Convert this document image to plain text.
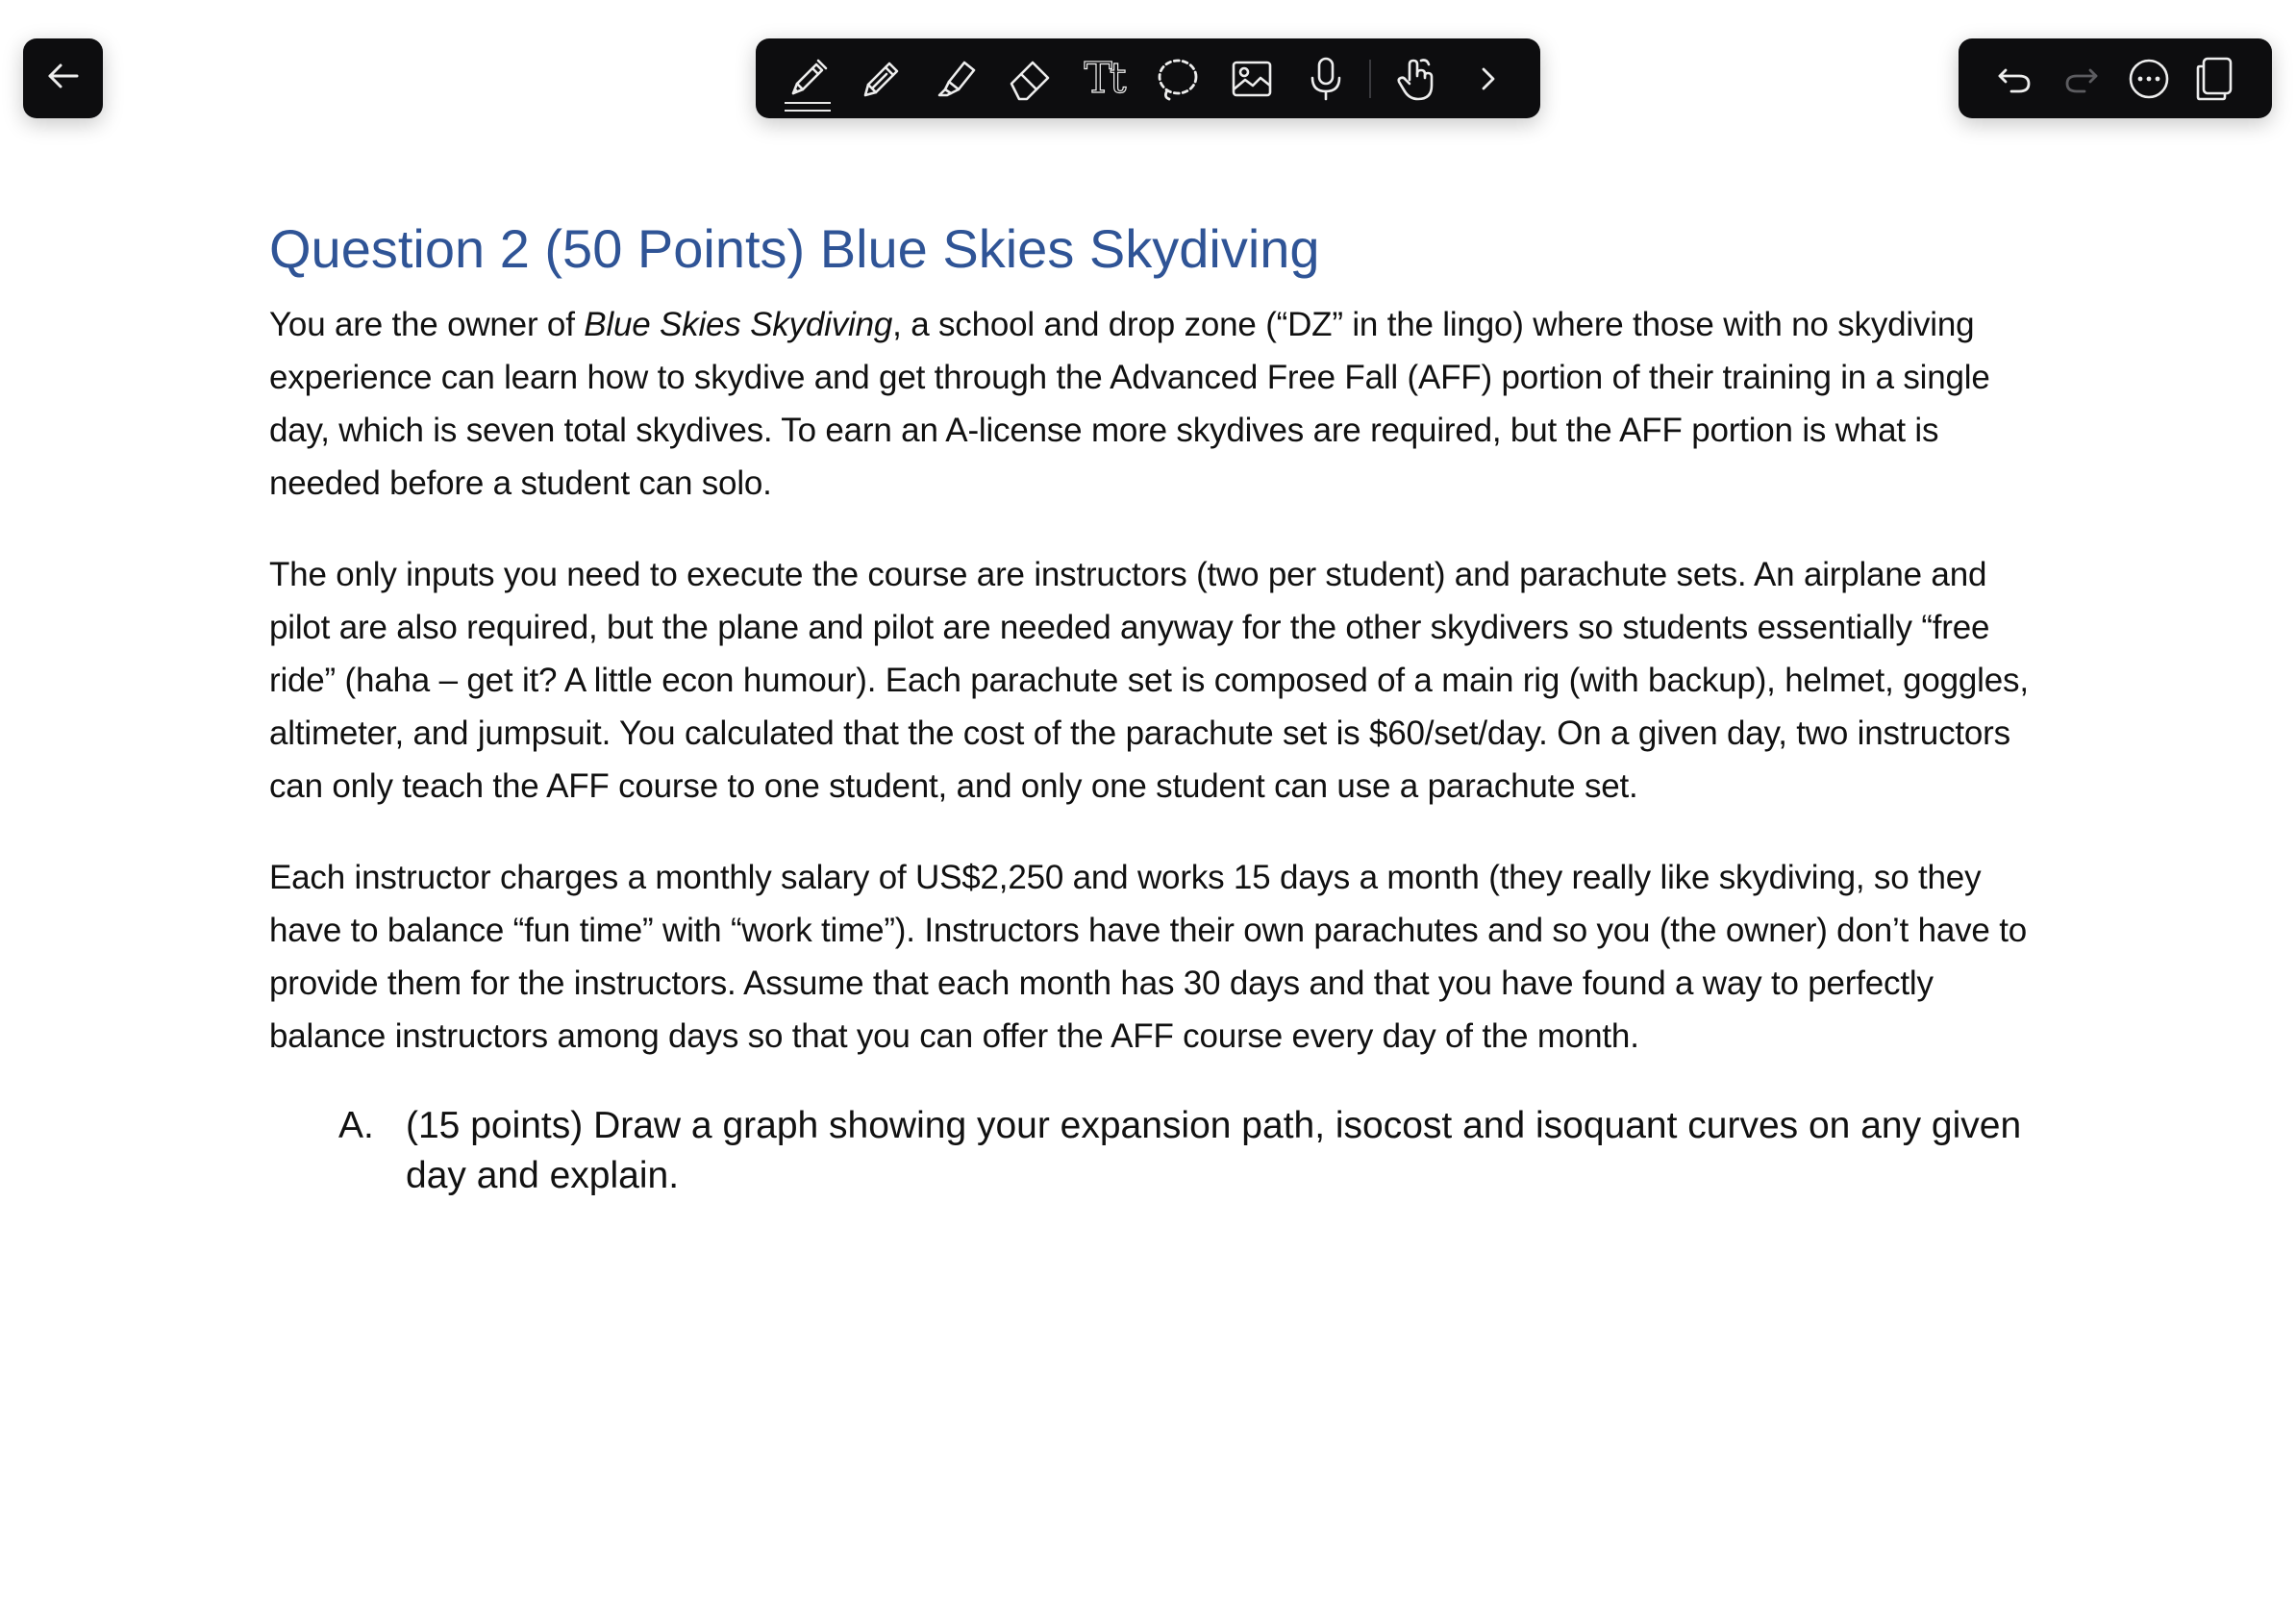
Tt
Question 2 (50 Points) Blue Skies Skydiving

You are the owner of Blue Skies Skydiving, a school and drop zone (“DZ” in the lingo) where those with no skydiving experience can learn how to skydive and get through the Advanced Free Fall (AFF) portion of their training in a single day, which is seven total skydives. To earn an A-license more skydives are required, but the AFF portion is what is needed before a student can solo.

The only inputs you need to execute the course are instructors (two per student) and parachute sets. An airplane and pilot are also required, but the plane and pilot are needed anyway for the other skydivers so students essentially “free ride” (haha – get it? A little econ humour). Each parachute set is composed of a main rig (with backup), helmet, goggles, altimeter, and jumpsuit. You calculated that the cost of the parachute set is $60/set/day. On a given day, two instructors can only teach the AFF course to one student, and only one student can use a parachute set.

Each instructor charges a monthly salary of US$2,250 and works 15 days a month (they really like skydiving, so they have to balance “fun time” with “work time”). Instructors have their own parachutes and so you (the owner) don’t have to provide them for the instructors. Assume that each month has 30 days and that you have found a way to perfectly balance instructors among days so that you can offer the AFF course every day of the month.

A. (15 points) Draw a graph showing your expansion path, isocost and isoquant curves on any given day and explain.
